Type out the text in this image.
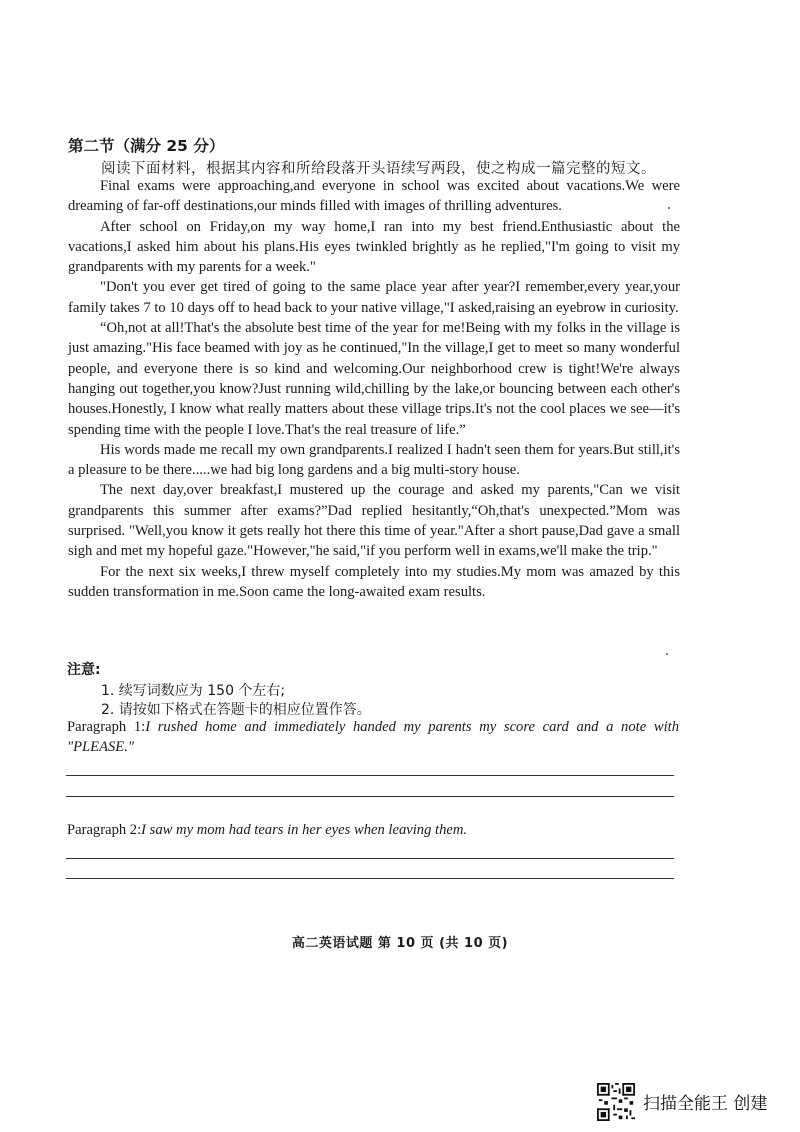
第二节（满分 25 分）
阅读下面材料，根据其内容和所给段落开头语续写两段，使之构成一篇完整的短文。

Final exams were approaching,and everyone in school was excited about vacations.We were dreaming of far-off destinations,our minds filled with images of thrilling adventures.

After school on Friday,on my way home,I ran into my best friend.Enthusiastic about the vacations,I asked him about his plans.His eyes twinkled brightly as he replied,"I'm going to visit my grandparents with my parents for a week."

"Don't you ever get tired of going to the same place year after year?I remember,every year,your family takes 7 to 10 days off to head back to your native village,"I asked,raising an eyebrow in curiosity.

“Oh,not at all!That's the absolute best time of the year for me!Being with my folks in the village is just amazing."His face beamed with joy as he continued,"In the village,I get to meet so many wonderful people, and everyone there is so kind and welcoming.Our neighborhood crew is tight!We're always hanging out together,you know?Just running wild,chilling by the lake,or bouncing between each other's houses.Honestly, I know what really matters about these village trips.It's not the cool places we see—it's spending time with the people I love.That's the real treasure of life.”

His words made me recall my own grandparents.I realized I hadn't seen them for years.But still,it's a pleasure to be there.....we had big long gardens and a big multi-story house.

The next day,over breakfast,I mustered up the courage and asked my parents,"Can we visit grandparents this summer after exams?”Dad replied hesitantly,“Oh,that's unexpected.”Mom was surprised. "Well,you know it gets really hot there this time of year."After a short pause,Dad gave a small sigh and met my hopeful gaze."However,"he said,"if you perform well in exams,we'll make the trip."

For the next six weeks,I threw myself completely into my studies.My mom was amazed by this sudden transformation in me.Soon came the long-awaited exam results.

注意:
1. 续写词数应为 150 个左右;
2. 请按如下格式在答题卡的相应位置作答。
Paragraph 1:I rushed home and immediately handed my parents my score card and a note with "PLEASE."
Paragraph 2:I saw my mom had tears in her eyes when leaving them.
高二英语试题 第 10 页 (共 10 页)
扫描全能王 创建
